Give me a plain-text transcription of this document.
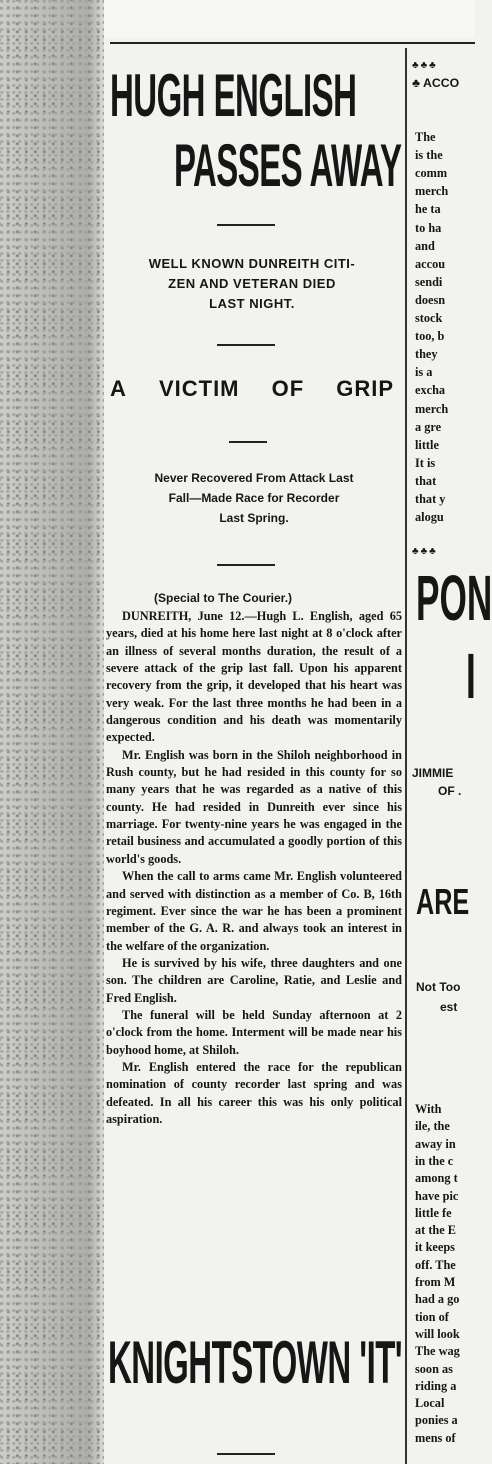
HUGH ENGLISH
PASSES AWAY
WELL KNOWN DUNREITH CITI-
ZEN AND VETERAN DIED
LAST NIGHT.
A VICTIM OF GRIP
Never Recovered From Attack Last
Fall—Made Race for Recorder
Last Spring.
(Special to The Courier.)

DUNREITH, June 12.—Hugh L. English, aged 65 years, died at his home here last night at 8 o'clock after an illness of several months duration, the result of a severe attack of the grip last fall. Upon his apparent recovery from the grip, it developed that his heart was very weak. For the last three months he had been in a dangerous condition and his death was momentarily expected.

Mr. English was born in the Shiloh neighborhood in Rush county, but he had resided in this county for so many years that he was regarded as a native of this county. He had resided in Dunreith ever since his marriage. For twenty-nine years he was engaged in the retail business and accumulated a goodly portion of this world's goods.

When the call to arms came Mr. English volunteered and served with distinction as a member of Co. B, 16th regiment. Ever since the war he has been a prominent member of the G. A. R. and always took an interest in the welfare of the organization.

He is survived by his wife, three daughters and one son. The children are Caroline, Ratie, and Leslie and Fred English.

The funeral will be held Sunday afternoon at 2 o'clock from the home. Interment will be made near his boyhood home, at Shiloh.

Mr. English entered the race for the republican nomination of county recorder last spring and was defeated. In all his career this was his only political aspiration.

KNIGHTSTOWN 'IT'
♣♣♣
♣ ACCO
The
is the
comm
merch
he ta
to ha
and
accou
sendi
doesn
stock
too, b
they
is a
excha
merch
a gre
little
It is
that
that y
alogu
♣♣♣
PON
I
JIMMIE
OF .
ARE
Not Too
est
With
ile, the
away in
in the c
among t
have pic
little fe
at the E
it keeps
off. The
from M
had a go
tion of
will look
The wag
soon as
riding a
Local
ponies a
mens of
